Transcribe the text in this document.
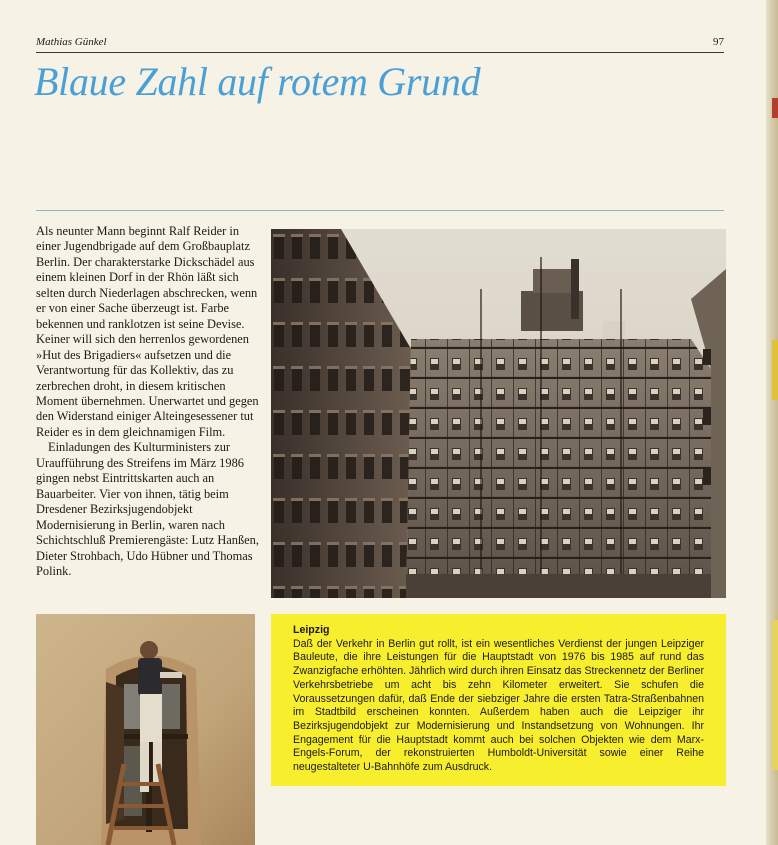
Mathias Günkel	97
Blaue Zahl auf rotem Grund

Als neunter Mann beginnt Ralf Reider in einer Jugendbrigade auf dem Großbauplatz Berlin. Der charakterstarke Dickschädel aus einem kleinen Dorf in der Rhön läßt sich selten durch Niederlagen abschrecken, wenn er von einer Sache überzeugt ist. Farbe bekennen und ranklotzen ist seine Devise. Keiner will sich den herrenlos gewordenen »Hut des Brigadiers« aufsetzen und die Verantwortung für das Kollektiv, das zu zerbrechen droht, in diesem kritischen Moment übernehmen. Unerwartet und gegen den Widerstand einiger Alteingesessener tut Reider es in dem gleichnamigen Film.

Einladungen des Kulturministers zur Uraufführung des Streifens im März 1986 gingen nebst Eintrittskarten auch an Bauarbeiter. Vier von ihnen, tätig beim Dresdener Bezirksjugendobjekt Modernisierung in Berlin, waren nach Schichtschluß Premierengäste: Lutz Hanßen, Dieter Strohbach, Udo Hübner und Thomas Polink.

Leipzig

Daß der Verkehr in Berlin gut rollt, ist ein wesentliches Verdienst der jungen Leipziger Bauleute, die ihre Leistungen für die Hauptstadt von 1976 bis 1985 auf rund das Zwanzigfache erhöhten. Jährlich wird durch ihren Einsatz das Streckennetz der Berliner Verkehrsbetriebe um acht bis zehn Kilometer erweitert. Sie schufen die Voraussetzungen dafür, daß Ende der siebziger Jahre die ersten Tatra-Straßenbahnen im Stadtbild erscheinen konnten. Außerdem haben auch die Leipziger ihr Bezirksjugendobjekt zur Modernisierung und Instandsetzung von Wohnungen. Ihr Engagement für die Hauptstadt kommt auch bei solchen Objekten wie dem Marx-Engels-Forum, der rekonstruierten Humboldt-Universität sowie einer Reihe neugestalteter U-Bahnhöfe zum Ausdruck.
